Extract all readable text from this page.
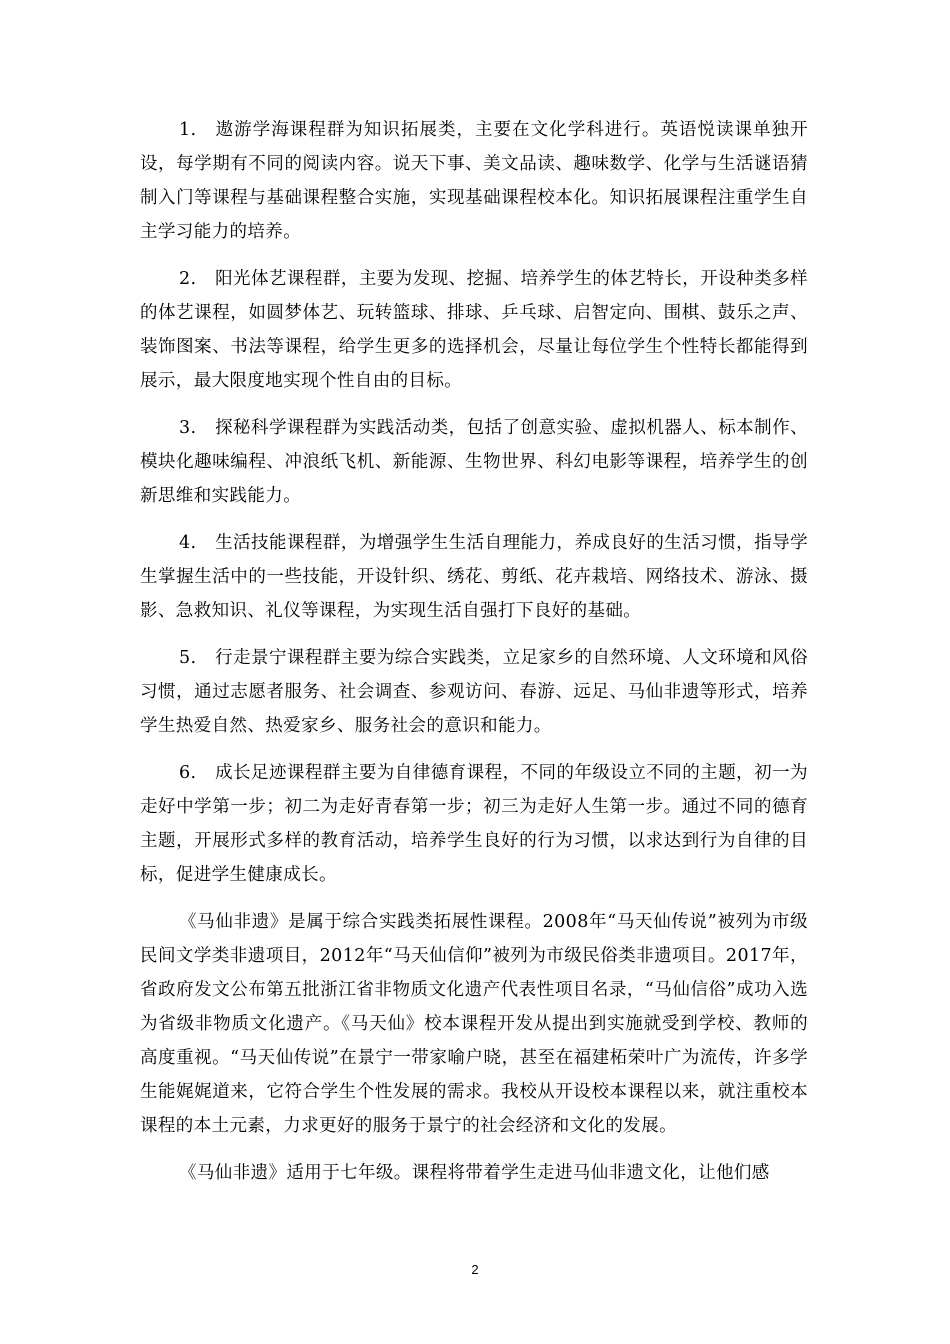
1. 遨游学海课程群为知识拓展类，主要在文化学科进行。英语悦读课单独开设，每学期有不同的阅读内容。说天下事、美文品读、趣味数学、化学与生活谜语猜制入门等课程与基础课程整合实施，实现基础课程校本化。知识拓展课程注重学生自主学习能力的培养。

2. 阳光体艺课程群，主要为发现、挖掘、培养学生的体艺特长，开设种类多样的体艺课程，如圆梦体艺、玩转篮球、排球、乒乓球、启智定向、围棋、鼓乐之声、装饰图案、书法等课程，给学生更多的选择机会，尽量让每位学生个性特长都能得到展示，最大限度地实现个性自由的目标。

3. 探秘科学课程群为实践活动类，包括了创意实验、虚拟机器人、标本制作、模块化趣味编程、冲浪纸飞机、新能源、生物世界、科幻电影等课程，培养学生的创新思维和实践能力。

4. 生活技能课程群，为增强学生生活自理能力，养成良好的生活习惯，指导学生掌握生活中的一些技能，开设针织、绣花、剪纸、花卉栽培、网络技术、游泳、摄影、急救知识、礼仪等课程，为实现生活自强打下良好的基础。

5. 行走景宁课程群主要为综合实践类，立足家乡的自然环境、人文环境和风俗习惯，通过志愿者服务、社会调查、参观访问、春游、远足、马仙非遗等形式，培养学生热爱自然、热爱家乡、服务社会的意识和能力。

6. 成长足迹课程群主要为自律德育课程，不同的年级设立不同的主题，初一为走好中学第一步；初二为走好青春第一步；初三为走好人生第一步。通过不同的德育主题，开展形式多样的教育活动，培养学生良好的行为习惯，以求达到行为自律的目标，促进学生健康成长。

《马仙非遗》是属于综合实践类拓展性课程。2008年“马天仙传说”被列为市级民间文学类非遗项目，2012年“马天仙信仰”被列为市级民俗类非遗项目。2017年，省政府发文公布第五批浙江省非物质文化遗产代表性项目名录，“马仙信俗”成功入选为省级非物质文化遗产。《马天仙》校本课程开发从提出到实施就受到学校、教师的高度重视。“马天仙传说”在景宁一带家喻户晓，甚至在福建柘荣叶广为流传，许多学生能娓娓道来，它符合学生个性发展的需求。我校从开设校本课程以来，就注重校本课程的本土元素，力求更好的服务于景宁的社会经济和文化的发展。

《马仙非遗》适用于七年级。课程将带着学生走进马仙非遗文化，让他们感

2
